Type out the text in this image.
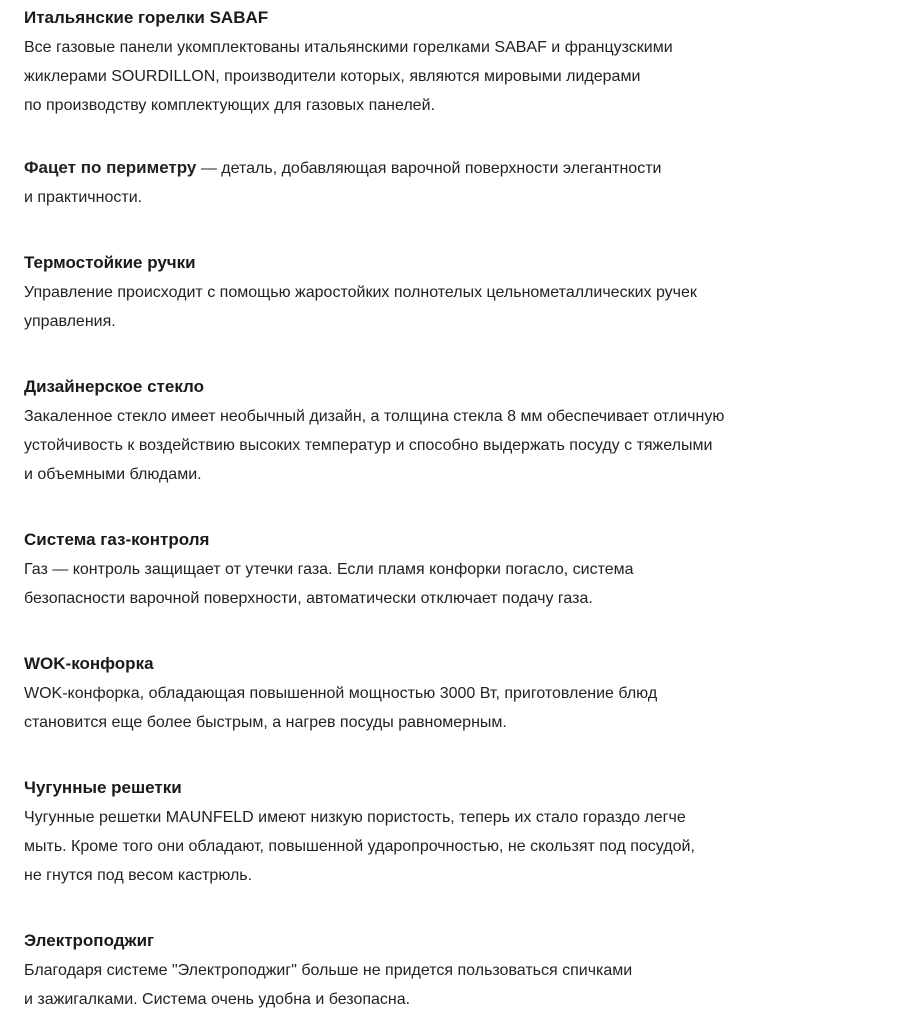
Итальянские горелки SABAF
Все газовые панели укомплектованы итальянскими горелками SABAF и французскими
жиклерами SOURDILLON, производители которых, являются мировыми лидерами
по производству комплектующих для газовых панелей.
Фацет по периметру — деталь, добавляющая варочной поверхности элегантности
и практичности.
Термостойкие ручки
Управление происходит с помощью жаростойких полнотелых цельнометаллических ручек
управления.
Дизайнерское стекло
Закаленное стекло имеет необычный дизайн, а толщина стекла 8 мм обеспечивает отличную
устойчивость к воздействию высоких температур и способно выдержать посуду с тяжелыми
и объемными блюдами.
Система газ-контроля
Газ — контроль защищает от утечки газа. Если пламя конфорки погасло, система
безопасности варочной поверхности, автоматически отключает подачу газа.
WOK-конфорка
WOK-конфорка, обладающая повышенной мощностью 3000 Вт, приготовление блюд
становится еще более быстрым, а нагрев посуды равномерным.
Чугунные решетки
Чугунные решетки MAUNFELD имеют низкую пористость, теперь их стало гораздо легче
мыть. Кроме того они обладают, повышенной ударопрочностью, не скользят под посудой,
не гнутся под весом кастрюль.
Электроподжиг
Благодаря системе "Электроподжиг" больше не придется пользоваться спичками
и зажигалками. Система очень удобна и безопасна.
